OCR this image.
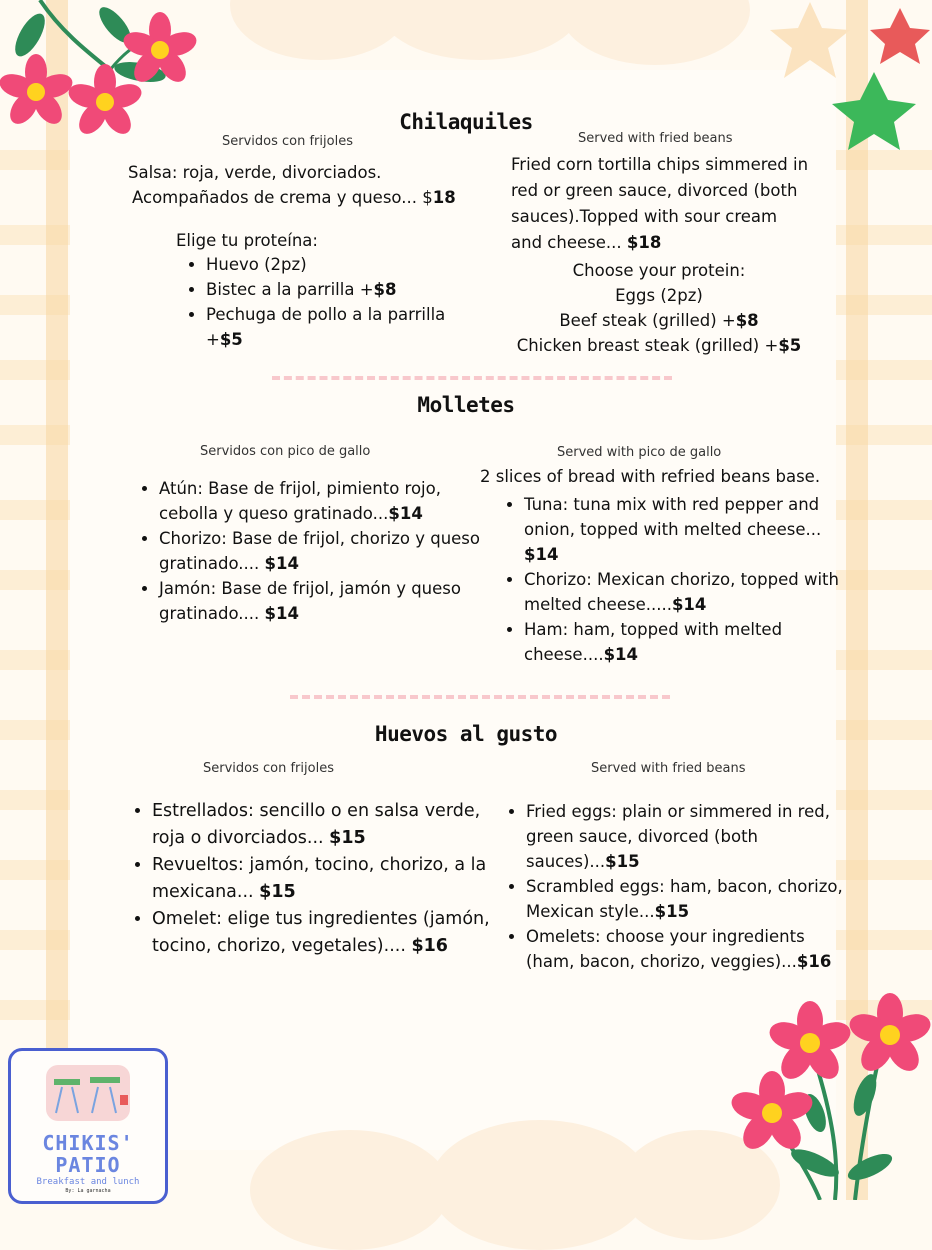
Chilaquiles
Servidos con frijoles	Served with fried beans
Salsa: roja, verde, divorciados.
Acompañados de crema y queso... $18
Elige tu proteína:
• Huevo (2pz)
• Bistec a la parrilla +$8
• Pechuga de pollo a la parrilla +$5
Fried corn tortilla chips simmered in red or green sauce, divorced (both sauces).Topped with sour cream and cheese... $18
Choose your protein:
Eggs (2pz)
Beef steak (grilled) +$8
Chicken breast steak (grilled) +$5
Molletes
Servidos con pico de gallo	Served with pico de gallo
• Atún: Base de frijol, pimiento rojo, cebolla y queso gratinado...$14
• Chorizo: Base de frijol, chorizo y queso gratinado.... $14
• Jamón: Base de frijol, jamón y queso gratinado.... $14
2 slices of bread with refried beans base.
• Tuna: tuna mix with red pepper and onion, topped with melted cheese... $14
• Chorizo: Mexican chorizo, topped with melted cheese.....$14
• Ham: ham, topped with melted cheese....$14
Huevos al gusto
Servidos con frijoles	Served with fried beans
• Estrellados: sencillo o en salsa verde, roja o divorciados... $15
• Revueltos: jamón, tocino, chorizo, a la mexicana... $15
• Omelet: elige tus ingredientes (jamón, tocino, chorizo, vegetales).... $16
• Fried eggs: plain or simmered in red, green sauce, divorced (both sauces)...$15
• Scrambled eggs: ham, bacon, chorizo, Mexican style...$15
• Omelets: choose your ingredients (ham, bacon, chorizo, veggies)...$16
CHIKIS'
PATIO
Breakfast and lunch
By: La garnacha
